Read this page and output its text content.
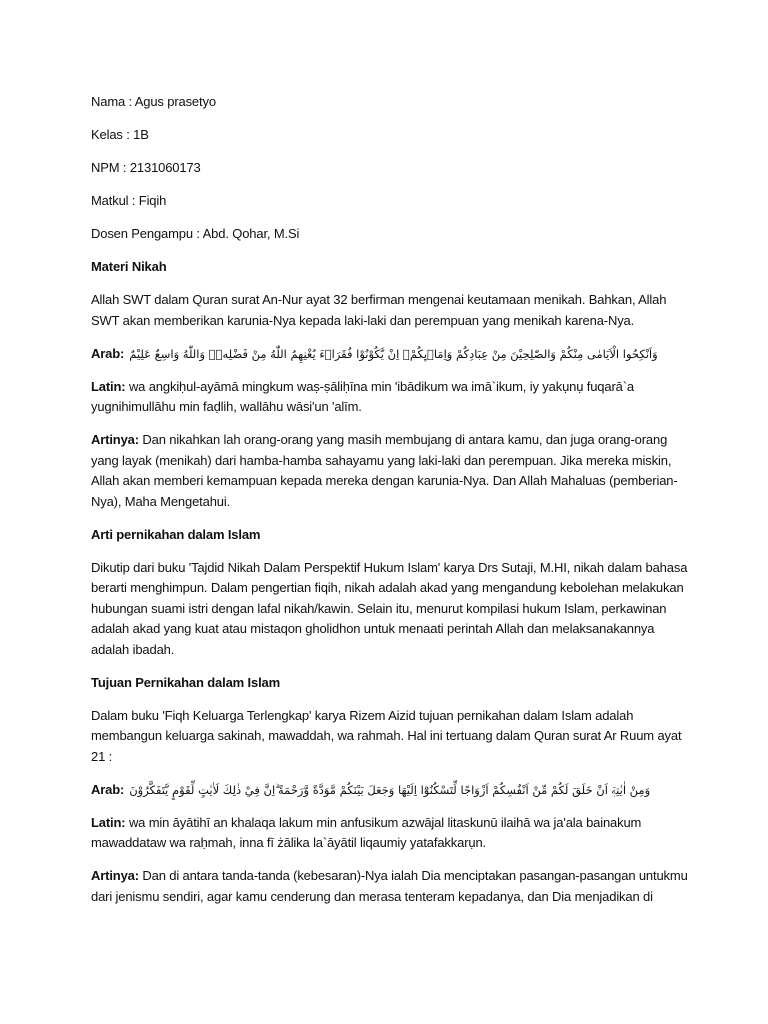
Nama : Agus prasetyo

Kelas : 1B

NPM : 2131060173

Matkul : Fiqih

Dosen Pengampu : Abd. Qohar, M.Si

Materi Nikah

Allah SWT dalam Quran surat An-Nur ayat 32 berfirman mengenai keutamaan menikah. Bahkan, Allah SWT akan memberikan karunia-Nya kepada laki-laki dan perempuan yang menikah karena-Nya.

Arab: وَاَنْكِحُوا الْاَيَامٰى مِنْكُمْ وَالصّٰلِحِيْنَ مِنْ عِبَادِكُمْ وَاِمَاۤىِٕكُمْۗ اِنْ يَّكُوْنُوْا فُقَرَاۤءَ يُغْنِهِمُ اللّٰهُ مِنْ فَضْلِهٖۗ وَاللّٰهُ وَاسِعٌ عَلِيْمٌ

Latin: wa angkiḥul-ayāmā mingkum waṣ-ṣāliḥīna min 'ibādikum wa imā`ikum, iy yakụnụ fuqarā`a yugnihimullāhu min faḍlih, wallāhu wāsi'un 'alīm.

Artinya: Dan nikahkan lah orang-orang yang masih membujang di antara kamu, dan juga orang-orang yang layak (menikah) dari hamba-hamba sahayamu yang laki-laki dan perempuan. Jika mereka miskin, Allah akan memberi kemampuan kepada mereka dengan karunia-Nya. Dan Allah Mahaluas (pemberian-Nya), Maha Mengetahui.

Arti pernikahan dalam Islam

Dikutip dari buku 'Tajdid Nikah Dalam Perspektif Hukum Islam' karya Drs Sutaji, M.HI, nikah dalam bahasa berarti menghimpun. Dalam pengertian fiqih, nikah adalah akad yang mengandung kebolehan melakukan hubungan suami istri dengan lafal nikah/kawin. Selain itu, menurut kompilasi hukum Islam, perkawinan adalah akad yang kuat atau mistaqon gholidhon untuk menaati perintah Allah dan melaksanakannya adalah ibadah.

Tujuan Pernikahan dalam Islam

Dalam buku 'Fiqh Keluarga Terlengkap' karya Rizem Aizid tujuan pernikahan dalam Islam adalah membangun keluarga sakinah, mawaddah, wa rahmah. Hal ini tertuang dalam Quran surat Ar Ruum ayat 21 :

Arab: وَمِنْ اٰيٰتِهٖٓ اَنْ خَلَقَ لَكُمْ مِّنْ اَنْفُسِكُمْ اَزْوَاجًا لِّتَسْكُنُوْٓا اِلَيْهَا وَجَعَلَ بَيْنَكُمْ مَّوَدَّةً وَّرَحْمَةً ۗاِنَّ فِيْ ذٰلِكَ لَاٰيٰتٍ لِّقَوْمٍ يَّتَفَكَّرُوْنَ

Latin: wa min āyātihī an khalaqa lakum min anfusikum azwājal litaskunū ilaihā wa ja'ala bainakum mawaddataw wa raḥmah, inna fī żālika la`āyātil liqaumiy yatafakkarụn.

Artinya: Dan di antara tanda-tanda (kebesaran)-Nya ialah Dia menciptakan pasangan-pasangan untukmu dari jenismu sendiri, agar kamu cenderung dan merasa tenteram kepadanya, dan Dia menjadikan di
